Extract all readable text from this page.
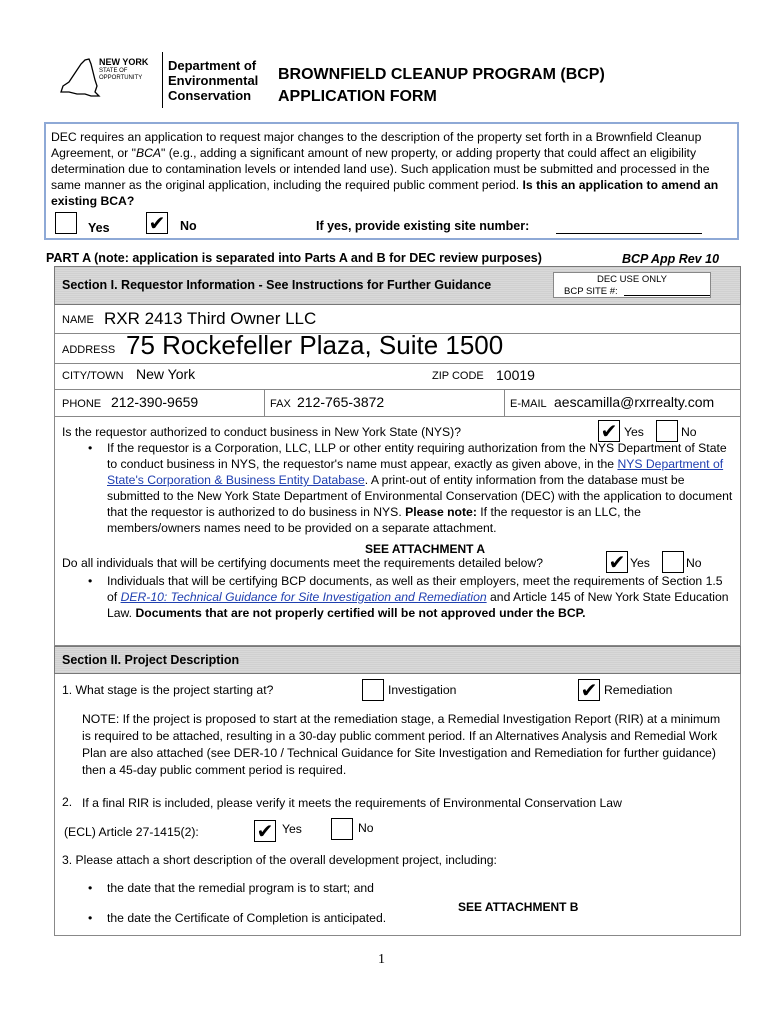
NEW YORK
STATE OF
OPPORTUNITY
Department of
Environmental
Conservation
BROWNFIELD CLEANUP PROGRAM (BCP)
APPLICATION FORM
DEC requires an application to request major changes to the description of the property set forth in a Brownfield Cleanup Agreement, or "BCA" (e.g., adding a significant amount of new property, or adding property that could affect an eligibility determination due to contamination levels or intended land use). Such application must be submitted and processed in the same manner as the original application, including the required public comment period. Is this an application to amend an existing BCA?
Yes ✔ No	If yes, provide existing site number:
PART A (note: application is separated into Parts A and B for DEC review purposes)	BCP App Rev 10
Section I. Requestor Information - See Instructions for Further Guidance	DEC USE ONLY
BCP SITE #:
NAME RXR 2413 Third Owner LLC
ADDRESS 75 Rockefeller Plaza, Suite 1500
CITY/TOWN New York	ZIP CODE 10019
PHONE 212-390-9659	FAX 212-765-3872	E-MAIL aescamilla@rxrrealty.com
Is the requestor authorized to conduct business in New York State (NYS)?	✔ Yes	No
• If the requestor is a Corporation, LLC, LLP or other entity requiring authorization from the NYS Department of State to conduct business in NYS, the requestor's name must appear, exactly as given above, in the NYS Department of State's Corporation & Business Entity Database. A print-out of entity information from the database must be submitted to the New York State Department of Environmental Conservation (DEC) with the application to document that the requestor is authorized to do business in NYS. Please note: If the requestor is an LLC, the members/owners names need to be provided on a separate attachment.
SEE ATTACHMENT A
Do all individuals that will be certifying documents meet the requirements detailed below?	✔ Yes	No
• Individuals that will be certifying BCP documents, as well as their employers, meet the requirements of Section 1.5 of DER-10: Technical Guidance for Site Investigation and Remediation and Article 145 of New York State Education Law. Documents that are not properly certified will be not approved under the BCP.
Section II. Project Description
1. What stage is the project starting at?	Investigation	✔ Remediation
NOTE: If the project is proposed to start at the remediation stage, a Remedial Investigation Report (RIR) at a minimum is required to be attached, resulting in a 30-day public comment period. If an Alternatives Analysis and Remedial Work Plan are also attached (see DER-10 / Technical Guidance for Site Investigation and Remediation for further guidance) then a 45-day public comment period is required.
2. If a final RIR is included, please verify it meets the requirements of Environmental Conservation Law
(ECL) Article 27-1415(2):	✔ Yes	No
3. Please attach a short description of the overall development project, including:
• the date that the remedial program is to start; and
• the date the Certificate of Completion is anticipated.
SEE ATTACHMENT B
1
